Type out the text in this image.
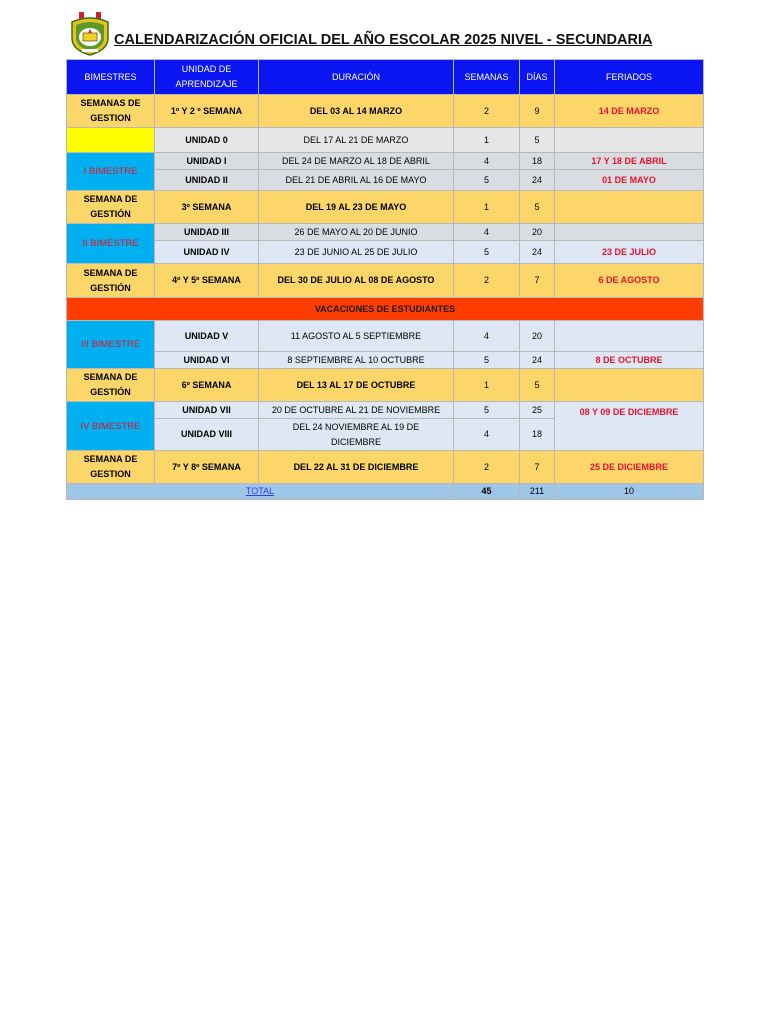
CALENDARIZACIÓN OFICIAL DEL AÑO ESCOLAR 2025 NIVEL - SECUNDARIA
BIMESTRES	UNIDAD DE APRENDIZAJE	DURACIÓN	SEMANAS	DÍAS	FERIADOS
SEMANAS DE GESTION	1º Y 2 º SEMANA	DEL 03 AL 14 MARZO	2	9	14 DE MARZO
	UNIDAD 0	DEL 17 AL 21 DE MARZO	1	5	
I BIMESTRE	UNIDAD I	DEL 24 DE MARZO AL 18 DE ABRIL	4	18	17 Y 18 DE ABRIL
	UNIDAD II	DEL 21 DE ABRIL AL 16 DE MAYO	5	24	01 DE MAYO
SEMANA DE GESTIÓN	3º SEMANA	DEL 19 AL 23 DE MAYO	1	5	
II BIMESTRE	UNIDAD III	26 DE MAYO AL 20 DE JUNIO	4	20	
	UNIDAD IV	23 DE JUNIO AL 25 DE JULIO	5	24	23 DE JULIO
SEMANA DE GESTIÓN	4º Y 5º SEMANA	DEL 30 DE JULIO AL 08 DE AGOSTO	2	7	6 DE AGOSTO
VACACIONES DE ESTUDIANTES					
III BIMESTRE	UNIDAD V	11 AGOSTO AL 5 SEPTIEMBRE	4	20	
	UNIDAD VI	8 SEPTIEMBRE AL 10 OCTUBRE	5	24	8 DE OCTUBRE
SEMANA DE GESTIÓN	6º SEMANA	DEL 13 AL 17 DE OCTUBRE	1	5	
IV BIMESTRE	UNIDAD VII	20 DE OCTUBRE AL 21 DE NOVIEMBRE	5	25	08 Y 09 DE DICIEMBRE
	UNIDAD VIII	DEL 24 NOVIEMBRE AL 19 DE DICIEMBRE	4	18	
SEMANA DE GESTION	7º Y 8º SEMANA	DEL 22 AL 31 DE DICIEMBRE	2	7	25 DE DICIEMBRE
TOTAL			45	211	10
